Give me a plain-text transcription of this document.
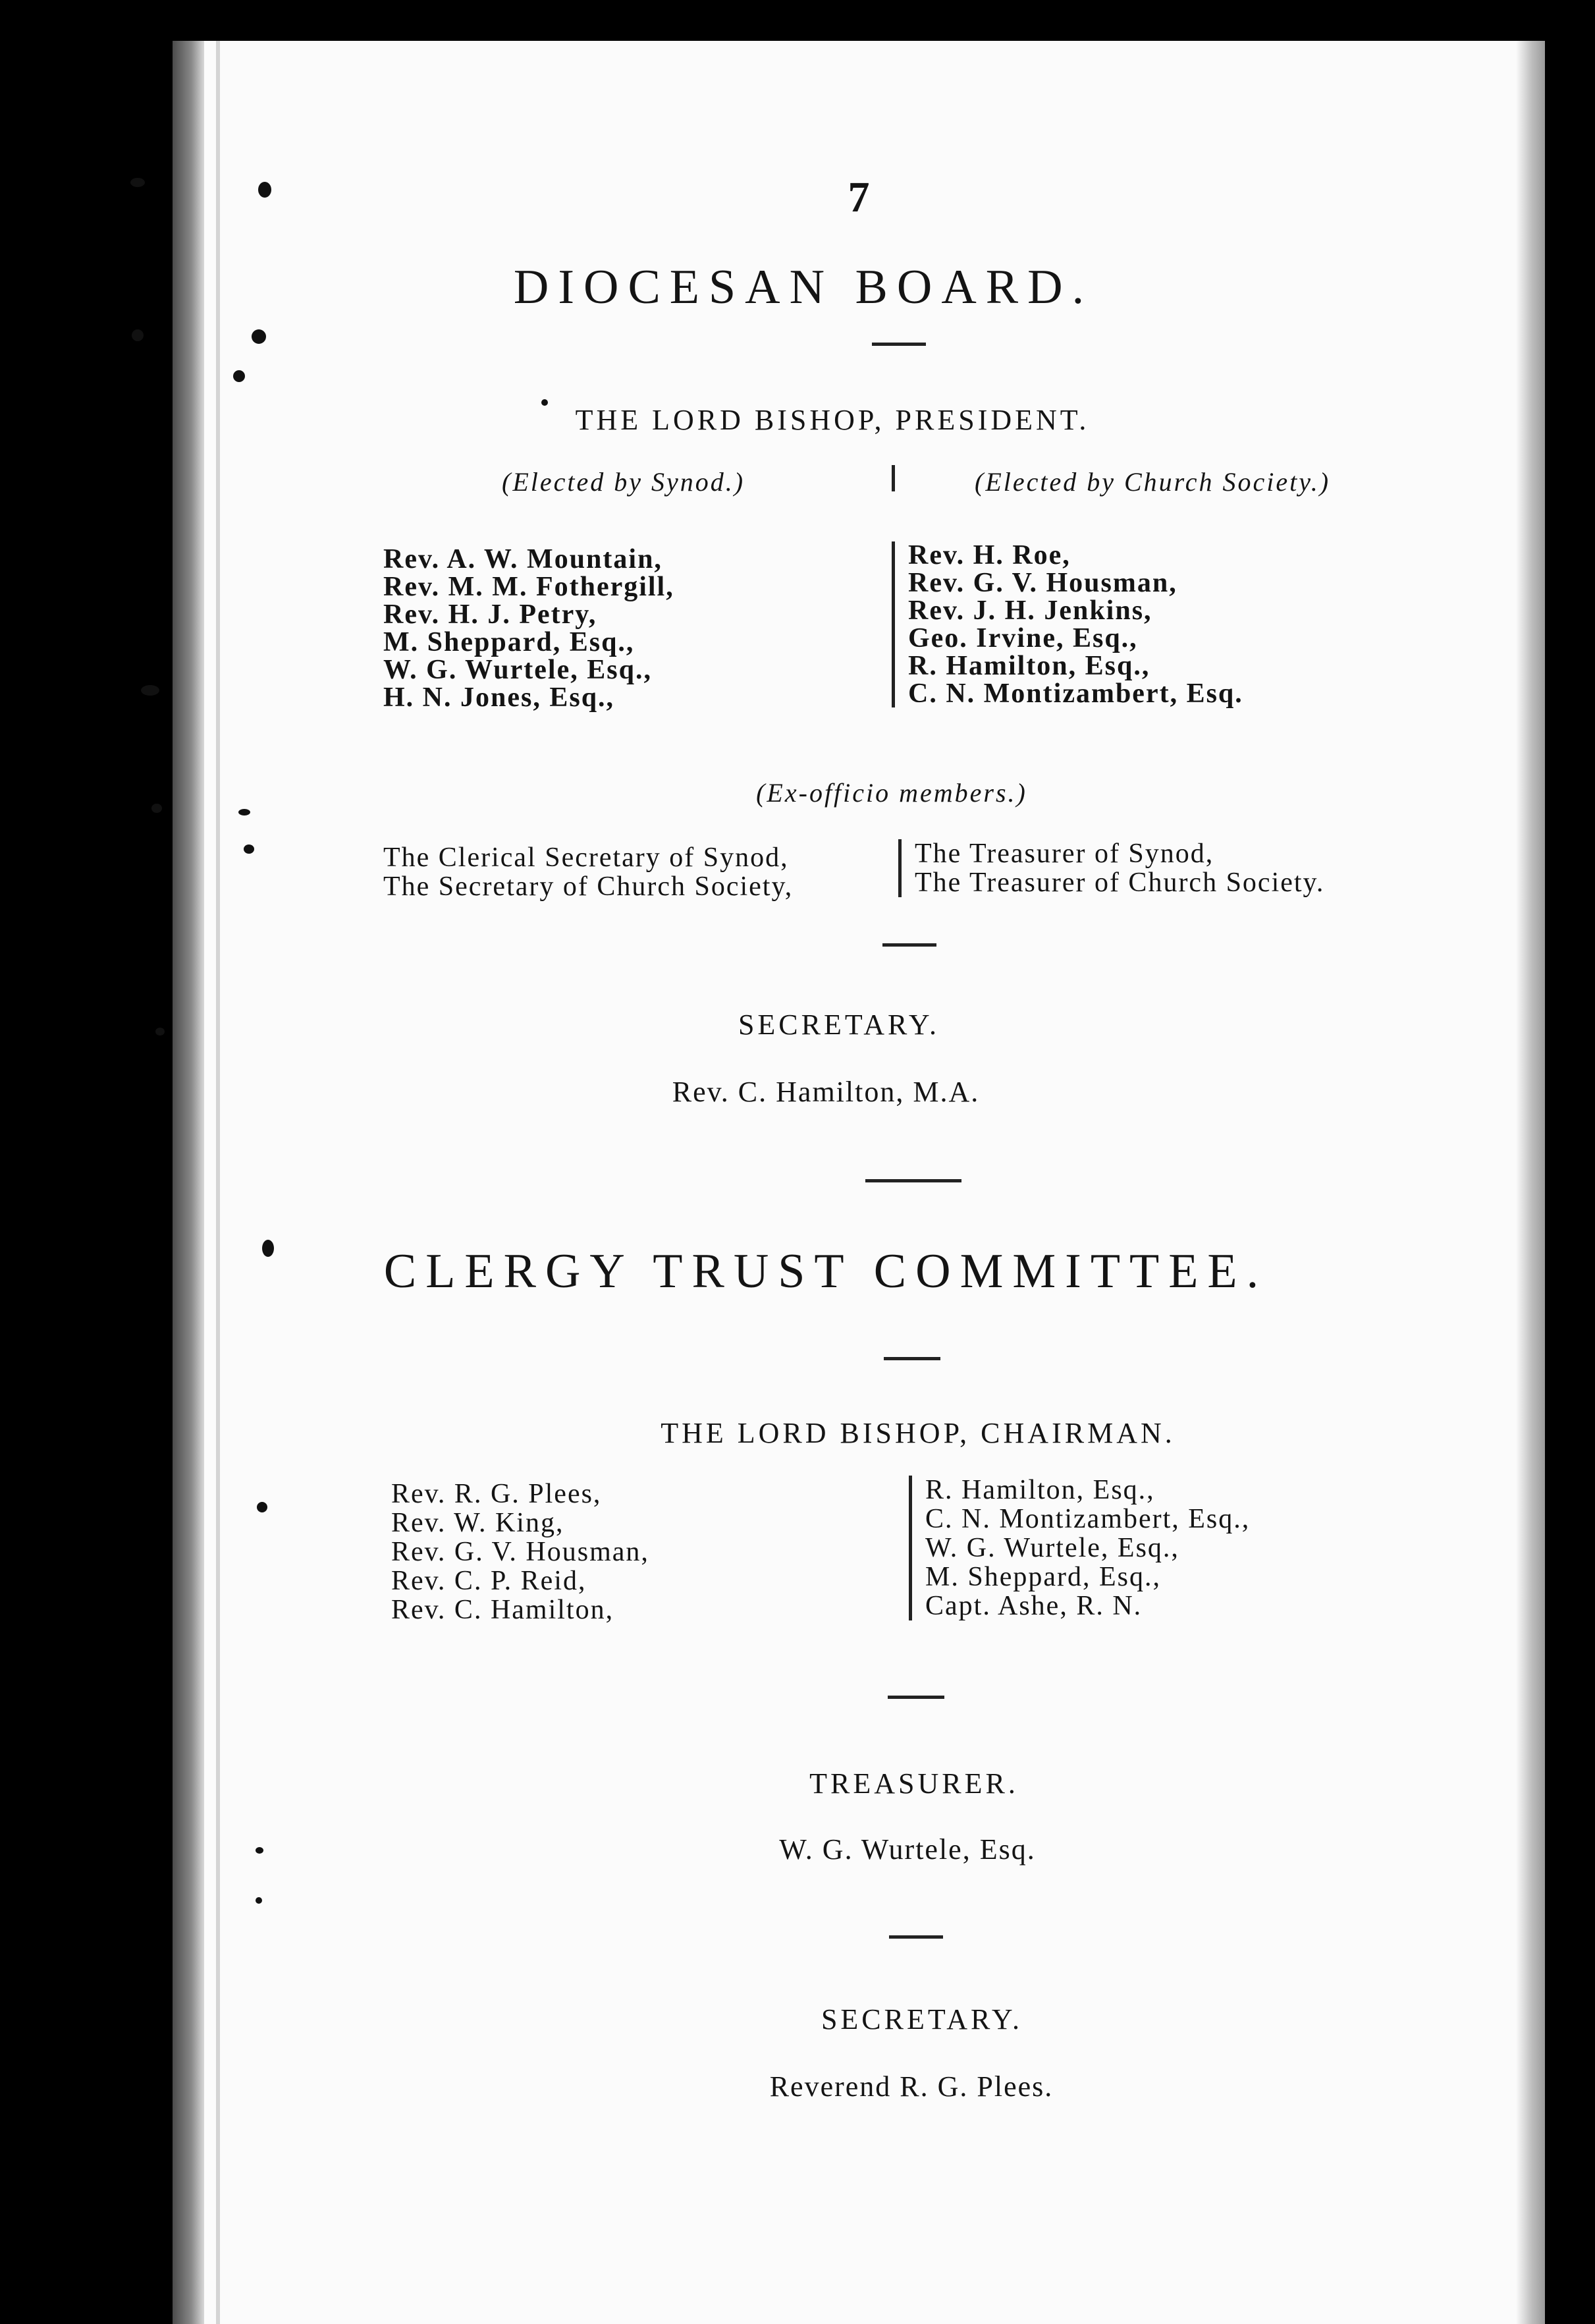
7
DIOCESAN BOARD.
THE LORD BISHOP, PRESIDENT.
(Elected by Synod.)	(Elected by Church Society.)
Rev. A. W. Mountain,
Rev. M. M. Fothergill,
Rev. H. J. Petry,
M. Sheppard, Esq.,
W. G. Wurtele, Esq.,
H. N. Jones, Esq.,
Rev. H. Roe,
Rev. G. V. Housman,
Rev. J. H. Jenkins,
Geo. Irvine, Esq.,
R. Hamilton, Esq.,
C. N. Montizambert, Esq.
(Ex-officio members.)
The Clerical Secretary of Synod,
The Secretary of Church Society,
The Treasurer of Synod,
The Treasurer of Church Society.
SECRETARY.
Rev. C. Hamilton, M.A.
CLERGY TRUST COMMITTEE.
THE LORD BISHOP, CHAIRMAN.
Rev. R. G. Plees,
Rev. W. King,
Rev. G. V. Housman,
Rev. C. P. Reid,
Rev. C. Hamilton,
R. Hamilton, Esq.,
C. N. Montizambert, Esq.,
W. G. Wurtele, Esq.,
M. Sheppard, Esq.,
Capt. Ashe, R. N.
TREASURER.
W. G. Wurtele, Esq.
SECRETARY.
Reverend R. G. Plees.
